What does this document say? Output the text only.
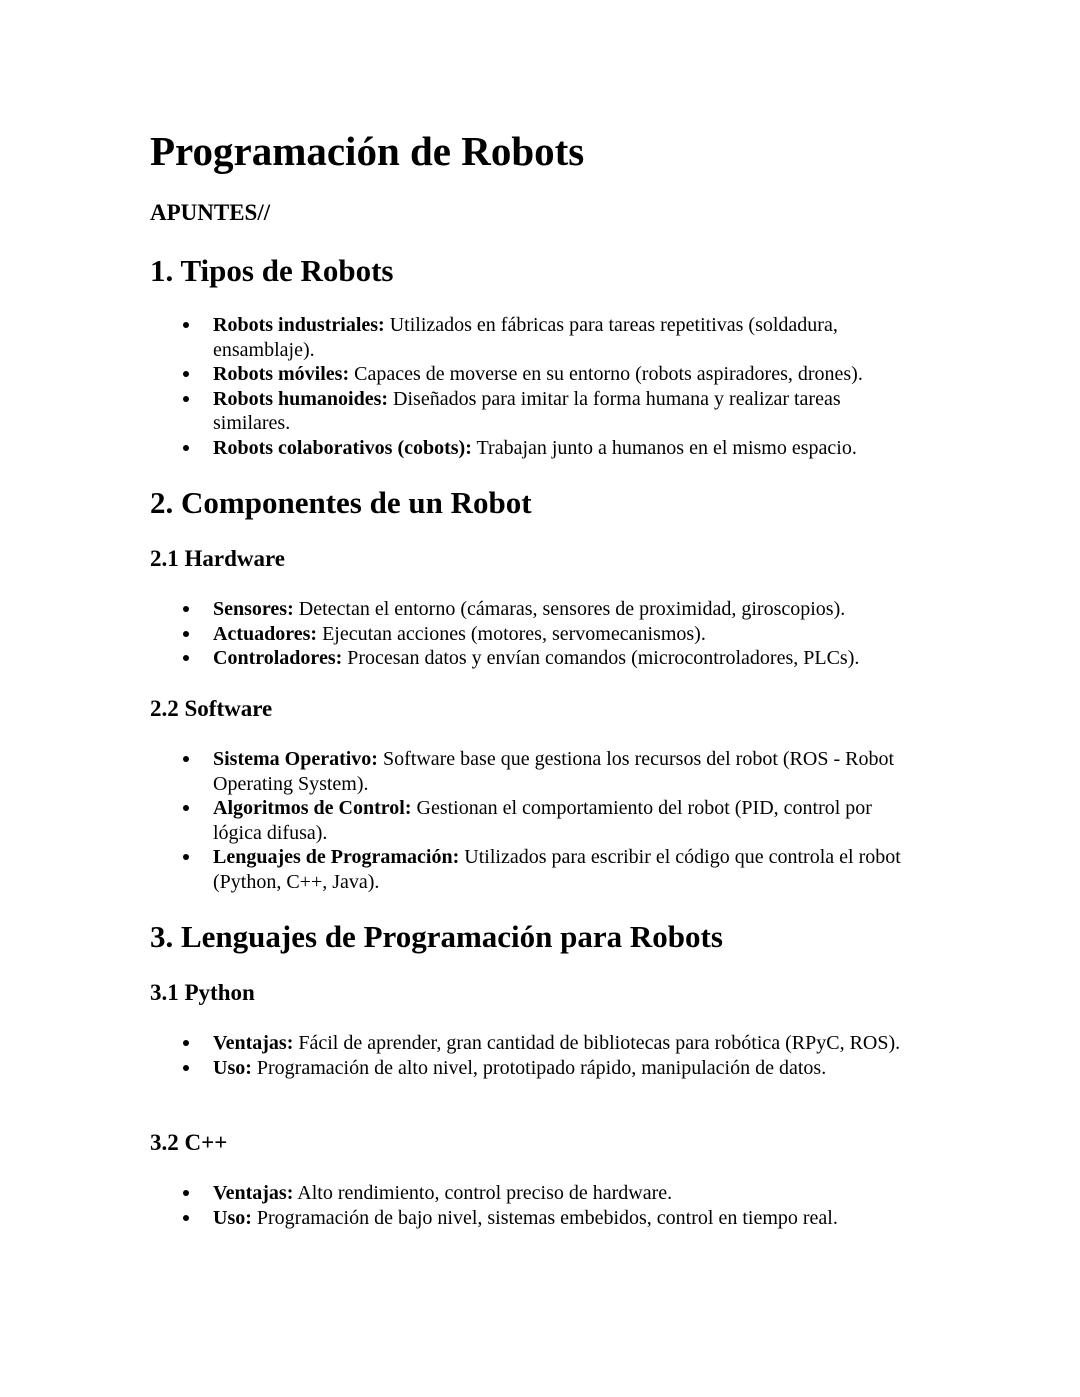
Programación de Robots
APUNTES//
1. Tipos de Robots
Robots industriales: Utilizados en fábricas para tareas repetitivas (soldadura, ensamblaje).
Robots móviles: Capaces de moverse en su entorno (robots aspiradores, drones).
Robots humanoides: Diseñados para imitar la forma humana y realizar tareas similares.
Robots colaborativos (cobots): Trabajan junto a humanos en el mismo espacio.
2. Componentes de un Robot
2.1 Hardware
Sensores: Detectan el entorno (cámaras, sensores de proximidad, giroscopios).
Actuadores: Ejecutan acciones (motores, servomecanismos).
Controladores: Procesan datos y envían comandos (microcontroladores, PLCs).
2.2 Software
Sistema Operativo: Software base que gestiona los recursos del robot (ROS - Robot Operating System).
Algoritmos de Control: Gestionan el comportamiento del robot (PID, control por lógica difusa).
Lenguajes de Programación: Utilizados para escribir el código que controla el robot (Python, C++, Java).
3. Lenguajes de Programación para Robots
3.1 Python
Ventajas: Fácil de aprender, gran cantidad de bibliotecas para robótica (RPyC, ROS).
Uso: Programación de alto nivel, prototipado rápido, manipulación de datos.
3.2 C++
Ventajas: Alto rendimiento, control preciso de hardware.
Uso: Programación de bajo nivel, sistemas embebidos, control en tiempo real.
